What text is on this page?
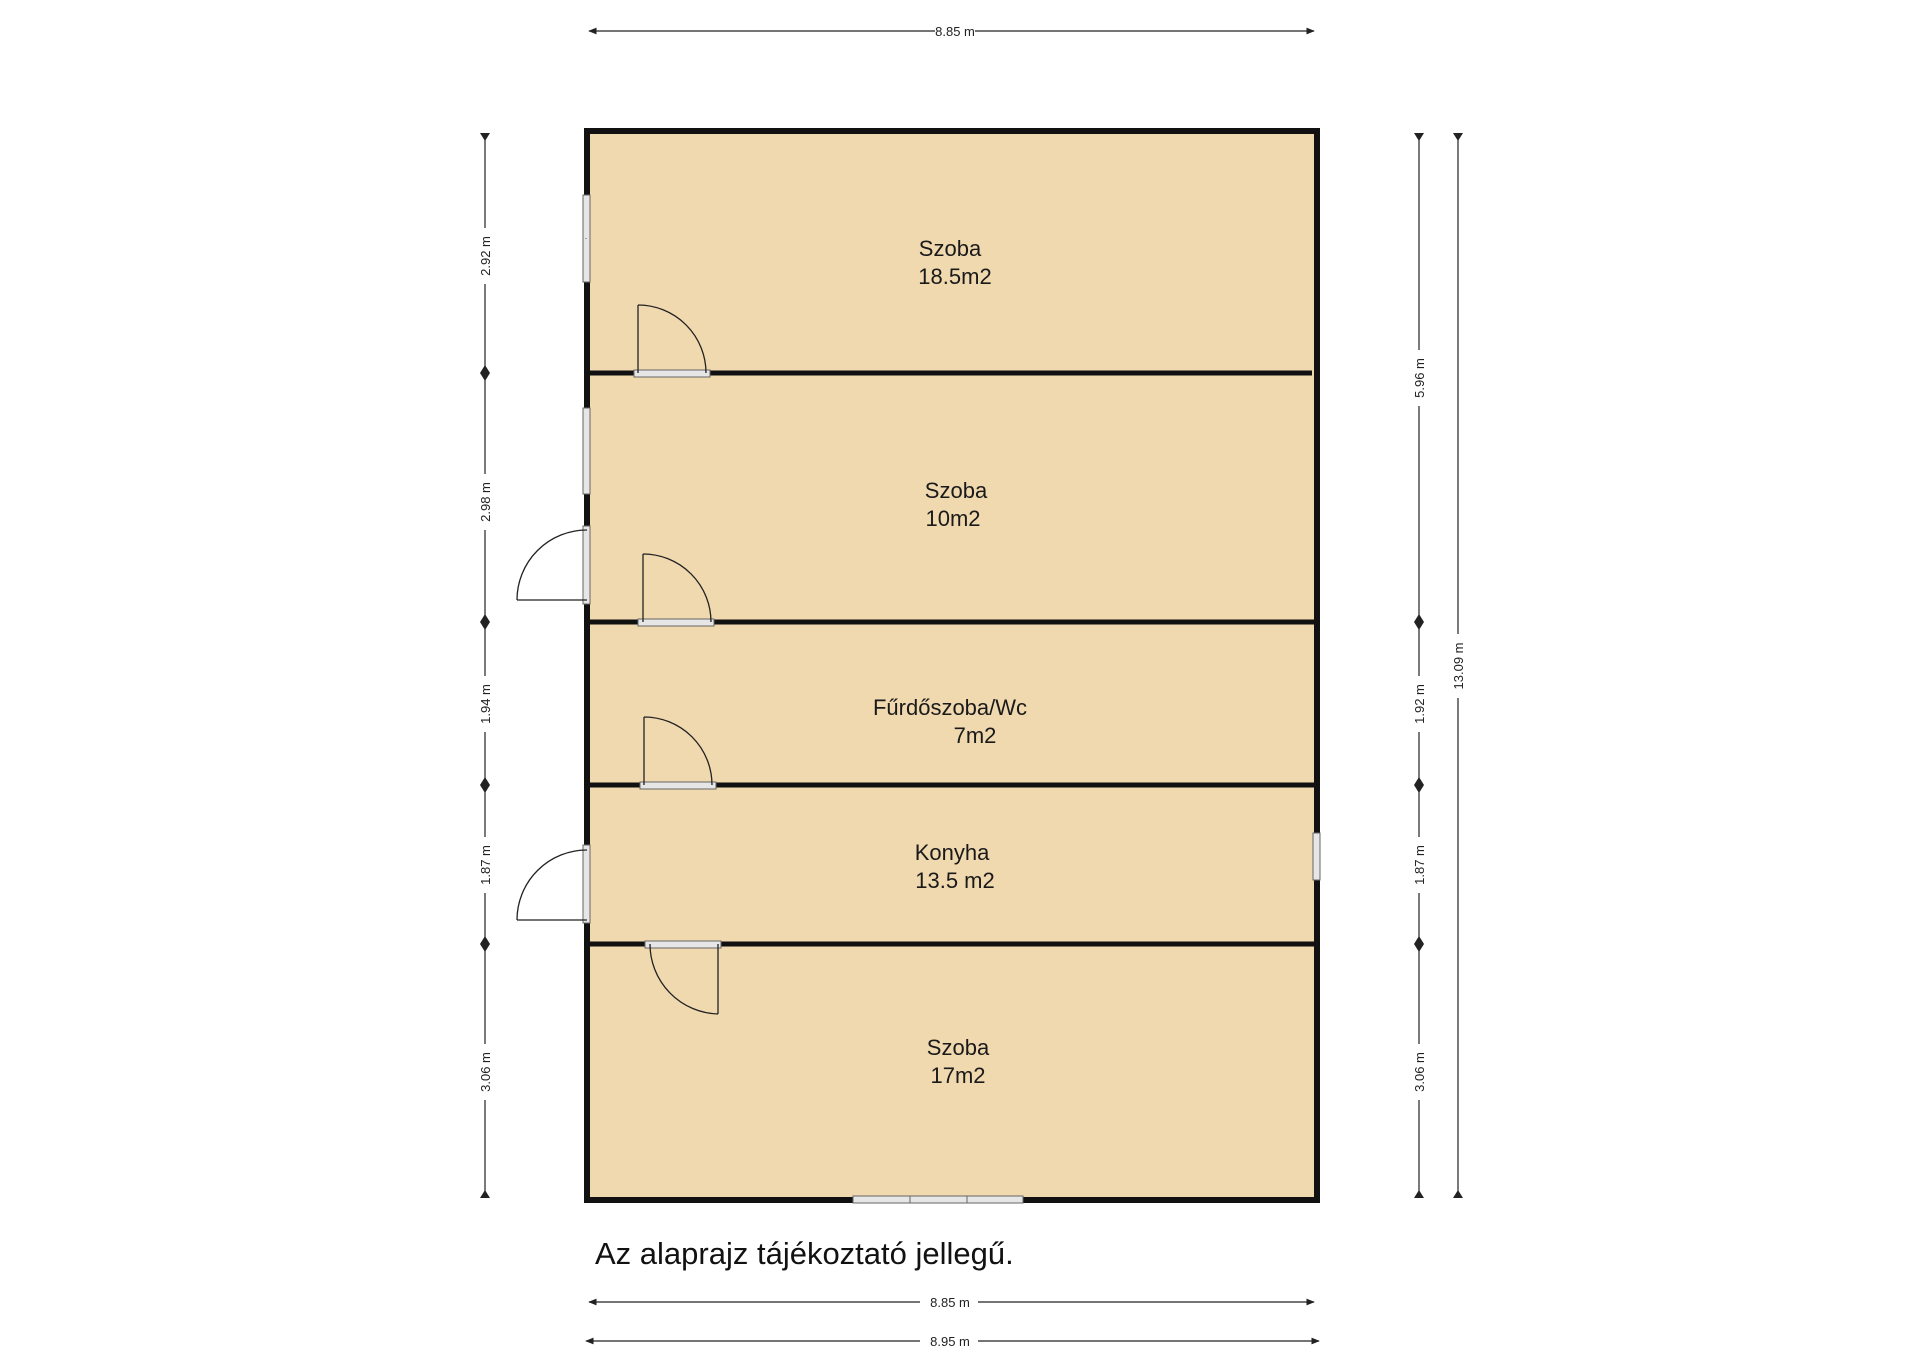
Szoba
18.5m2
Szoba
10m2
Fűrdőszoba/Wc
7m2
Konyha
13.5 m2
Szoba
17m2
8.85 m
8.85 m
8.95 m
2.92 m
2.98 m
1.94 m
1.87 m
3.06 m
5.96 m
1.92 m
1.87 m
3.06 m
13.09 m
Az alaprajz tájékoztató jellegű.
